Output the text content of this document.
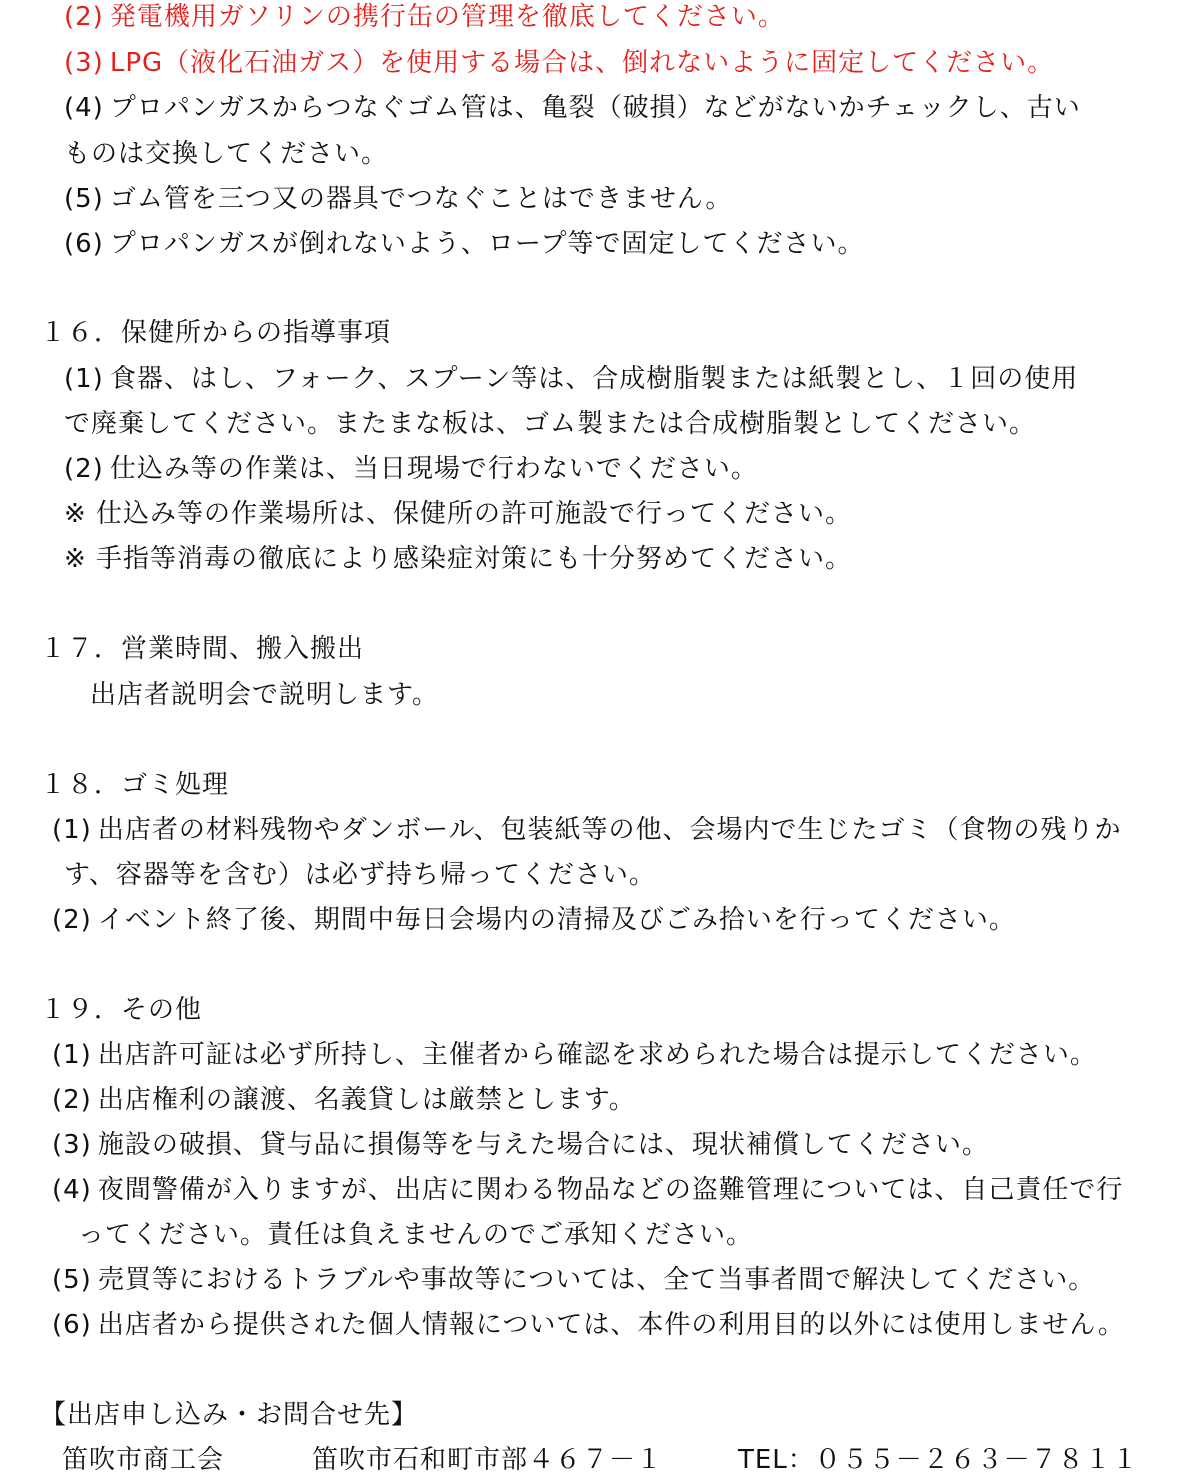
(2) 発電機用ガソリンの携行缶の管理を徹底してください。
(3) LPG（液化石油ガス）を使用する場合は、倒れないように固定してください。
(4) プロパンガスからつなぐゴム管は、亀裂（破損）などがないかチェックし、古い
ものは交換してください。
(5) ゴム管を三つ又の器具でつなぐことはできません。
(6) プロパンガスが倒れないよう、ロープ等で固定してください。
１６．保健所からの指導事項
(1) 食器、はし、フォーク、スプーン等は、合成樹脂製または紙製とし、１回の使用
で廃棄してください。またまな板は、ゴム製または合成樹脂製としてください。
(2) 仕込み等の作業は、当日現場で行わないでください。
※ 仕込み等の作業場所は、保健所の許可施設で行ってください。
※ 手指等消毒の徹底により感染症対策にも十分努めてください。
１７．営業時間、搬入搬出
出店者説明会で説明します。
１８．ゴミ処理
(1) 出店者の材料残物やダンボール、包装紙等の他、会場内で生じたゴミ（食物の残りか
す、容器等を含む）は必ず持ち帰ってください。
(2) イベント終了後、期間中毎日会場内の清掃及びごみ拾いを行ってください。
１９．その他
(1) 出店許可証は必ず所持し、主催者から確認を求められた場合は提示してください。
(2) 出店権利の譲渡、名義貸しは厳禁とします。
(3) 施設の破損、貸与品に損傷等を与えた場合には、現状補償してください。
(4) 夜間警備が入りますが、出店に関わる物品などの盗難管理については、自己責任で行
ってください。責任は負えませんのでご承知ください。
(5) 売買等におけるトラブルや事故等については、全て当事者間で解決してください。
(6) 出店者から提供された個人情報については、本件の利用目的以外には使用しません。
【出店申し込み・お問合せ先】
笛吹市商工会	笛吹市石和町市部４６７－１	TEL：０５５－２６３－７８１１
